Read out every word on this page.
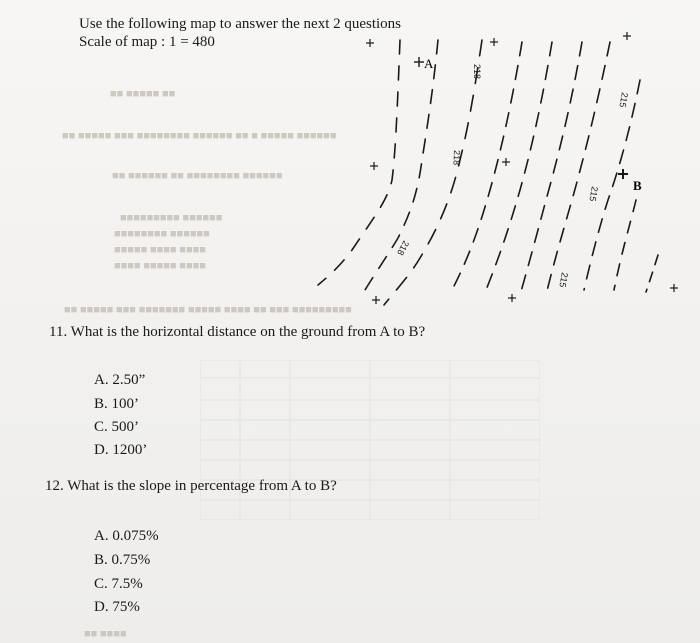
■■ ■■■■■ ■■
■■ ■■■■■ ■■■ ■■■■■■■■ ■■■■■■ ■■ ■ ■■■■■ ■■■■■■
■■ ■■■■■■ ■■ ■■■■■■■■ ■■■■■■
■■■■■■■■■ ■■■■■■
■■■■■■■■ ■■■■■■
■■■■■ ■■■■ ■■■■
■■■■ ■■■■■ ■■■■
■■ ■■■■■ ■■■ ■■■■■■■ ■■■■■ ■■■■ ■■ ■■■ ■■■■■■■■■
■■ ■■■■
Use the following map to answer the next 2 questions
Scale of map : 1 = 480
A
B
218
218
218
215
215
215
11. What is the horizontal distance on the ground from A to B?
A. 2.50”
B. 100’
C. 500’
D. 1200’
12. What is the slope in percentage from A to B?
A. 0.075%
B. 0.75%
C. 7.5%
D. 75%
